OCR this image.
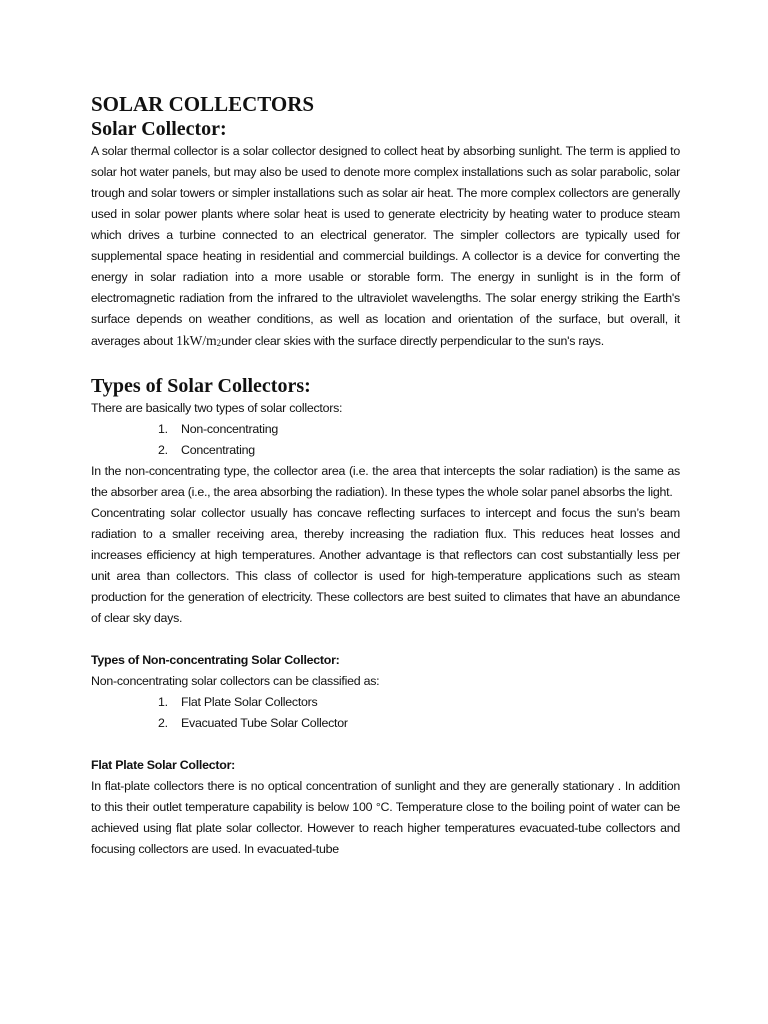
SOLAR COLLECTORS
Solar Collector:

A solar thermal collector is a solar collector designed to collect heat by absorbing sunlight. The term is applied to solar hot water panels, but may also be used to denote more complex installations such as solar parabolic, solar trough and solar towers or simpler installations such as solar air heat. The more complex collectors are generally used in solar power plants where solar heat is used to generate electricity by heating water to produce steam which drives a turbine connected to an electrical generator. The simpler collectors are typically used for supplemental space heating in residential and commercial buildings. A collector is a device for converting the energy in solar radiation into a more usable or storable form. The energy in sunlight is in the form of electromagnetic radiation from the infrared to the ultraviolet wavelengths. The solar energy striking the Earth's surface depends on weather conditions, as well as location and orientation of the surface, but overall, it averages about 1kW/m2under clear skies with the surface directly perpendicular to the sun's rays.

Types of Solar Collectors:

There are basically two types of solar collectors:

1. Non-concentrating
2. Concentrating

In the non-concentrating type, the collector area (i.e. the area that intercepts the solar radiation) is the same as the absorber area (i.e., the area absorbing the radiation). In these types the whole solar panel absorbs the light.

Concentrating solar collector usually has concave reflecting surfaces to intercept and focus the sun’s beam radiation to a smaller receiving area, thereby increasing the radiation flux. This reduces heat losses and increases efficiency at high temperatures. Another advantage is that reflectors can cost substantially less per unit area than collectors. This class of collector is used for high-temperature applications such as steam production for the generation of electricity. These collectors are best suited to climates that have an abundance of clear sky days.

Types of Non-concentrating Solar Collector:

Non-concentrating solar collectors can be classified as:

1. Flat Plate Solar Collectors
2. Evacuated Tube Solar Collector

Flat Plate Solar Collector:

In flat-plate collectors there is no optical concentration of sunlight and they are generally stationary . In addition to this their outlet temperature capability is below 100 °C. Temperature close to the boiling point of water can be achieved using flat plate solar collector. However to reach higher temperatures evacuated-tube collectors and focusing collectors are used. In evacuated-tube
